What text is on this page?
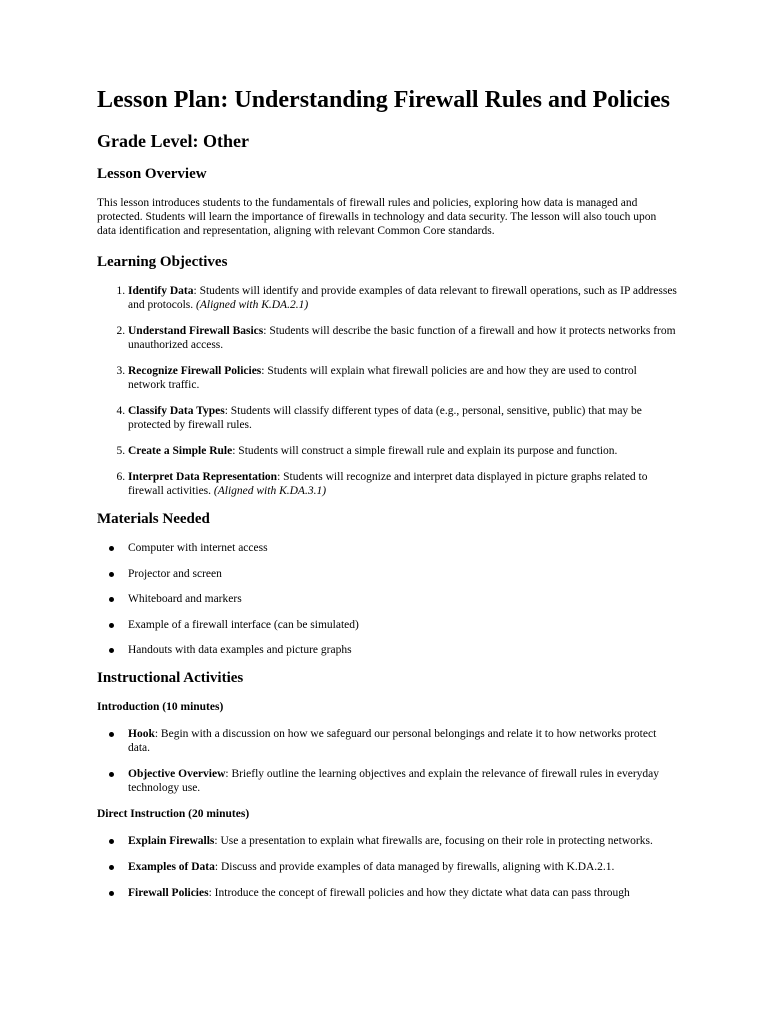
Lesson Plan: Understanding Firewall Rules and Policies
Grade Level: Other
Lesson Overview

This lesson introduces students to the fundamentals of firewall rules and policies, exploring how data is managed and protected. Students will learn the importance of firewalls in technology and data security. The lesson will also touch upon data identification and representation, aligning with relevant Common Core standards.

Learning Objectives
1. Identify Data: Students will identify and provide examples of data relevant to firewall operations, such as IP addresses and protocols. (Aligned with K.DA.2.1)
2. Understand Firewall Basics: Students will describe the basic function of a firewall and how it protects networks from unauthorized access.
3. Recognize Firewall Policies: Students will explain what firewall policies are and how they are used to control network traffic.
4. Classify Data Types: Students will classify different types of data (e.g., personal, sensitive, public) that may be protected by firewall rules.
5. Create a Simple Rule: Students will construct a simple firewall rule and explain its purpose and function.
6. Interpret Data Representation: Students will recognize and interpret data displayed in picture graphs related to firewall activities. (Aligned with K.DA.3.1)
Materials Needed
Computer with internet access
Projector and screen
Whiteboard and markers
Example of a firewall interface (can be simulated)
Handouts with data examples and picture graphs
Instructional Activities
Introduction (10 minutes)
Hook: Begin with a discussion on how we safeguard our personal belongings and relate it to how networks protect data.
Objective Overview: Briefly outline the learning objectives and explain the relevance of firewall rules in everyday technology use.
Direct Instruction (20 minutes)
Explain Firewalls: Use a presentation to explain what firewalls are, focusing on their role in protecting networks.
Examples of Data: Discuss and provide examples of data managed by firewalls, aligning with K.DA.2.1.
Firewall Policies: Introduce the concept of firewall policies and how they dictate what data can pass through
